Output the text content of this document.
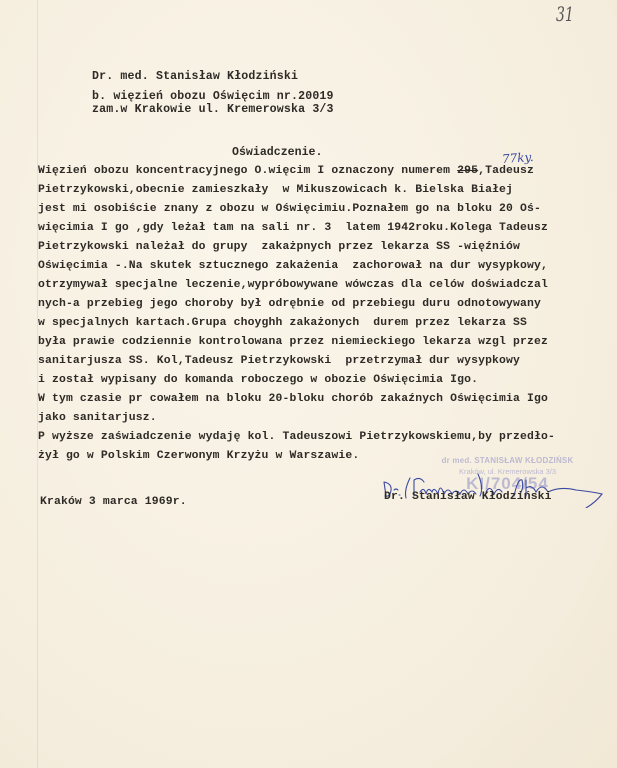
31
Dr. med. Stanisław Kłodziński
b. więzień obozu Oświęcim nr.20019
zam.w Krakowie ul. Kremerowska 3/3
Oświadczenie.	77ky.
Więzień obozu koncentracyjnego O.więcim I oznaczony numerem 295,Tadeusz
Pietrzykowski,obecnie zamieszkały  w Mikuszowicach k. Bielska Białej
jest mi osobiście znany z obozu w Oświęcimiu.Poznałem go na bloku 20 Oś-
więcimia I go ,gdy leżał tam na sali nr. 3  latem 1942roku.Kolega Tadeusz
Pietrzykowski należał do grupy  zakażpnych przez lekarza SS -więźniów
Oświęcimia -.Na skutek sztucznego zakażenia  zachorował na dur wysypkowy,
otrzymywał specjalne leczenie,wypróbowywane wówczas dla celów doświadczal
nych-a przebieg jego choroby był odrębnie od przebiegu duru odnotowywany
w specjalnych kartach.Grupa choyghh zakażonych  durem przez lekarza SS
była prawie codziennie kontrolowana przez niemieckiego lekarza wzgl przez
sanitarjusza SS. Kol,Tadeusz Pietrzykowski  przetrzymał dur wysypkowy
i został wypisany do komanda roboczego w obozie Oświęcimia Igo.
W tym czasie pr cowałem na bloku 20-bloku chorób zakaźnych Oświęcimia Igo
jako sanitarjusz.
P wyższe zaświadczenie wydaję kol. Tadeuszowi Pietrzykowskiemu,by przedło-
żył go w Polskim Czerwonym Krzyżu w Warszawie.	dr med. STANISŁAW KŁODZIŃSK
Kraków, ul. Kremerowska 3/3
KI/704/54
Kraków 3 marca 1969r.	Dr. Stanisław Kłodziński
